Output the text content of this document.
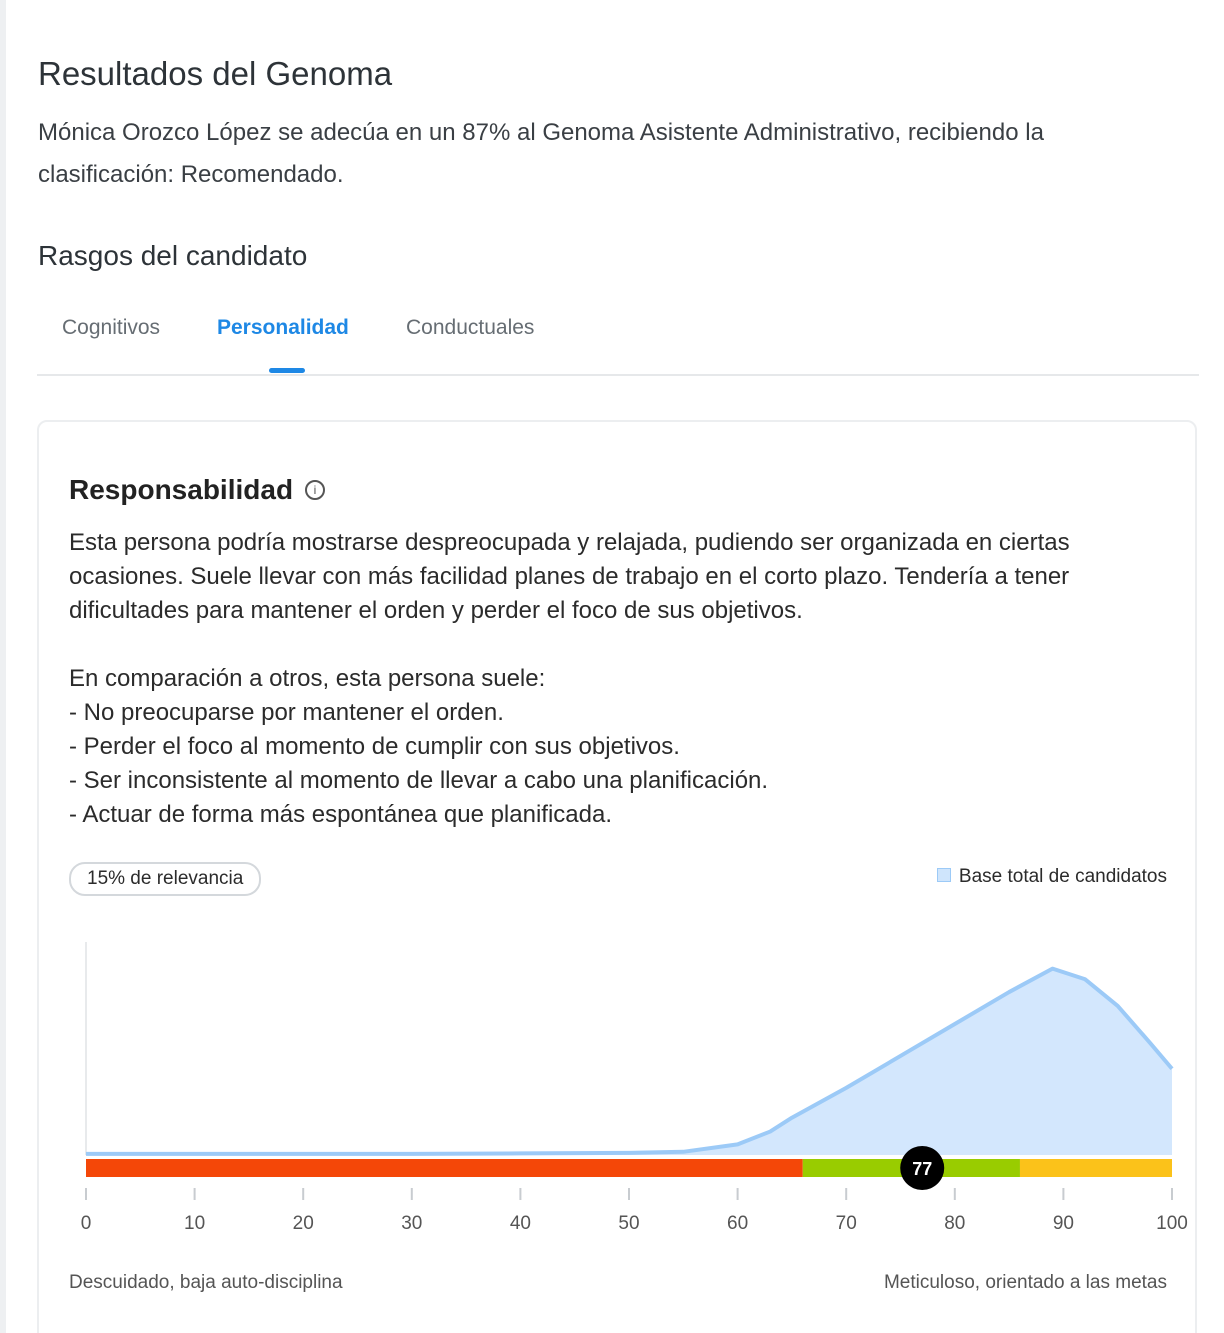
Resultados del Genoma
Mónica Orozco López se adecúa en un 87% al Genoma Asistente Administrativo, recibiendo la clasificación: Recomendado.
Rasgos del candidato
Cognitivos	Personalidad	Conductuales
Responsabilidad	i
Esta persona podría mostrarse despreocupada y relajada, pudiendo ser organizada en ciertas ocasiones. Suele llevar con más facilidad planes de trabajo en el corto plazo. Tendería a tener dificultades para mantener el orden y perder el foco de sus objetivos.

En comparación a otros, esta persona suele:
- No preocuparse por mantener el orden.
- Perder el foco al momento de cumplir con sus objetivos.
- Ser inconsistente al momento de llevar a cabo una planificación.
- Actuar de forma más espontánea que planificada.
15% de relevancia	Base total de candidatos
0	10	20	30	40	50	60	70	80	90	100
77
Descuidado, baja auto-disciplina	Meticuloso, orientado a las metas
